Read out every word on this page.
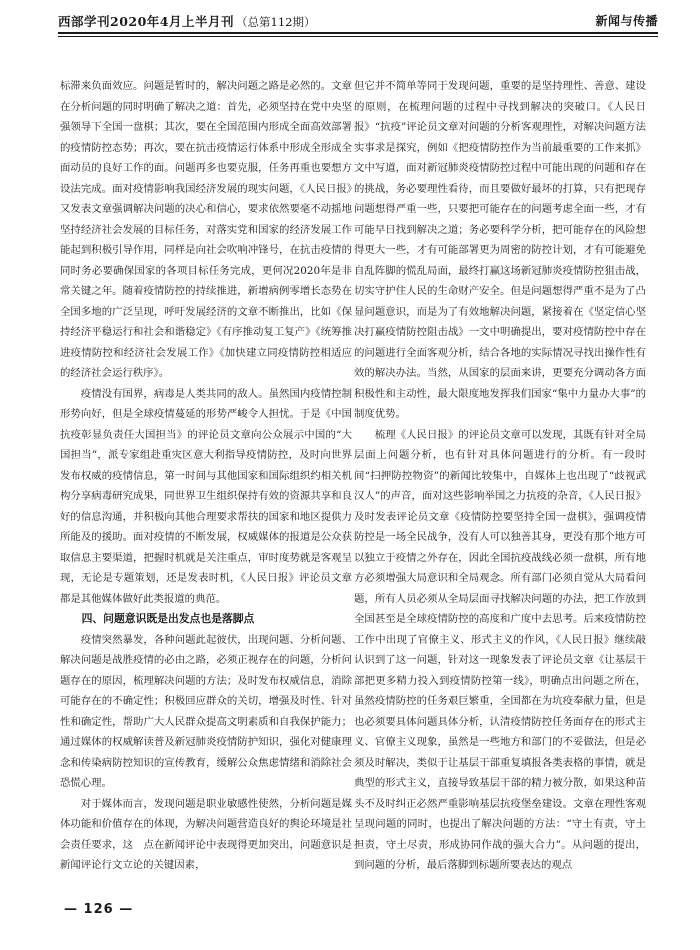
西部学刊2020年4月上半月刊 （总第112期）	新闻与传播

标滞来负面效应。问题是暂时的，解决问题之路是必然的。文章在分析问题的同时明确了解决之道：首先，必须坚持在党中央坚强领导下全国一盘棋；其次，要在全国范围内形成全面高效部署的疫情防控态势；再次，要在抗击疫情运行体系中形成全形成全面动员的良好工作的面。问题再多也要克服，任务再重也要想方设法完成。面对疫情影响我国经济发展的现实问题，《人民日报》又发表文章强调解决问题的决心和信心，要求依然要毫不动摇地坚持经济社会发展的目标任务，对落实党和国家的经济发展工作能起到积极引导作用，同样是向社会吹响冲锋号，在抗击疫情的同时务必要确保国家的各项目标任务完成，更何况2020年是非常关键之年。随着疫情防控的持续推进，新增病例零增长态势在全国多地的广泛呈现，呼吁发展经济的文章不断推出，比如《保持经济平稳运行和社会和谐稳定》《有序推动复工复产》《统筹推进疫情防控和经济社会发展工作》《加快建立同疫情防控相适应的经济社会运行秩序》。

疫情没有国界，病毒是人类共同的敌人。虽然国内疫情控制形势向好，但是全球疫情蔓延的形势严峻令人担忧。于是《中国抗疫彰显负责任大国担当》的评论员文章向公众展示中国的“大国担当”，派专家组赴重灾区意大利指导疫情防控，及时向世界发布权威的疫情信息，第一时间与其他国家和国际组织约相关机构分享病毒研究成果，同世界卫生组织保持有效的资源共享和良好的信息沟通，并积极向其他合理要求帮扶的国家和地区提供力所能及的援助。面对疫情的不断发展，权威媒体的报道是公众获取信息主要渠道，把握时机就是关注重点，审时度势就是客观呈现，无论是专题策划，还是发表时机，《人民日报》评论员文章都是其他媒体做好此类报道的典范。

四、问题意识既是出发点也是落脚点

疫情突然暴发，各种问题此起彼伏，出现问题、分析问题、解决问题是战胜疫情的必由之路，必须正视存在的问题，分析问题存在的原因，梳理解决问题的方法；及时发布权威信息，消除可能存在的不确定性；积极回应群众的关切，增强及时性、针对性和确定性，帮助广大人民群众提高文明素质和自我保护能力；通过媒体的权威解读普及新冠肺炎疫情防护知识，强化对健康理念和传染病防控知识的宣传教育，缓解公众焦虑情绪和消除社会恐慌心理。

对于媒体而言，发现问题是职业敏感性使然，分析问题是媒体功能和价值存在的体现，为解决问题营造良好的舆论环境是社会责任要求，这　点在新闻评论中表现得更加突出，问题意识是新闻评论行文立论的关键因素，

但它并不简单等同于发现问题，重要的是坚持理性、善意、建设的原则，在梳理问题的过程中寻找到解决的突破口。《人民日报》“抗疫”评论员文章对问题的分析客观理性，对解决问题方法实事求是探究，例如《把疫情防控作为当前最重要的工作来抓》文中写道，面对新冠肺炎疫情防控过程中可能出现的问题和存在的挑战，务必要理性看待，而且要做好最坏的打算，只有把现存问题想得严重一些，只要把可能存在的问题考虑全面一些，才有可能早日找到解决之道；务必要科学分析，把可能存在的风险想得更大一些，才有可能部署更为周密的防控计划，才有可能避免自乱阵脚的慌乱局面，最终打赢这场新冠肺炎疫情防控狙击战，切实守护住人民的生命财产安全。但是问题想得严重不是为了凸显问题意识，而是为了有效地解决问题，紧接着在《坚定信心坚决打赢疫情防控阻击战》一文中明确提出，要对疫情防控中存在的问题进行全面客观分析，结合各地的实际情况寻找出操作性有效的解决办法。当然，从国家的层面来讲，更要充分调动各方面积极性和主动性，最大限度地发挥我们国家“集中力量办大事”的制度优势。

梳理《人民日报》的评论员文章可以发现，其既有针对全局层面上问题分析，也有针对具体问题进行的分析。有一段时间“扫押防控物资”的新闻比较集中，自媒体上也出现了“歧视武汉人”的声音，面对这些影响举国之力抗疫的杂音，《人民日报》及时发表评论员文章《疫情防控要坚持全国一盘棋》，强调疫情防控是一场全民战争，没有人可以独善其身，更没有那个地方可以独立于疫情之外存在，因此全国抗疫战线必须一盘棋，所有地方必须增强大局意识和全局观念。所有部门必须自觉从大局看问题，所有人员必须从全局层面寻找解决问题的办法，把工作放到全国甚至是全球疫情防控的高度和广度中去思考。后来疫情防控工作中出现了官僚主义、形式主义的作风，《人民日报》继续敲认识到了这一问题，针对这一现象发表了评论员文章《让基层干部把更多精力投入到疫情防控第一线》，明确点出问题之所在，虽然疫情防控的任务艰巨繁重，全国都在为坑疫奉献力量，但是也必须要具体问题具体分析，认清疫情防控任务面存在的形式主义、官僚主义现象，虽然是一些地方和部门的不妥做法，但是必须及时解决，类似于让基层干部重复填报各类表格的事情，就是典型的形式主义，直接导致基层干部的精力被分散，如果这种苗头不及时纠正必然严重影响基层抗疫堡垒建设。文章在理性客观呈现问题的同时，也提出了解决问题的方法：“守土有责，守土担责，守土尽责，形成协同作战的强大合力”。从问题的提出，到问题的分析，最后落脚到标题所要表达的观点

— 126 —
